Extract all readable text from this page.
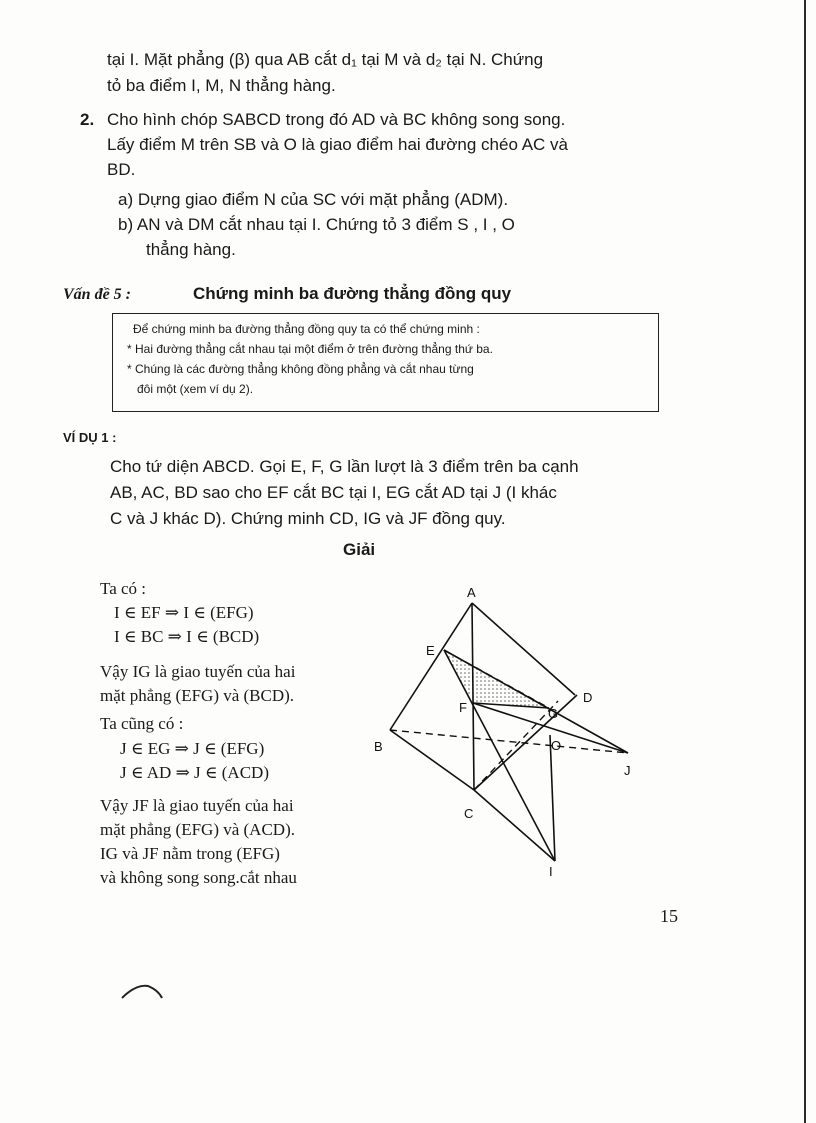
tại I. Mặt phẳng (β) qua AB cắt d₁ tại M và d₂ tại N. Chứng
tỏ ba điểm I, M, N thẳng hàng.
2. Cho hình chóp SABCD trong đó AD và BC không song song.
Lấy điểm M trên SB và O là giao điểm hai đường chéo AC và
BD.
a) Dựng giao điểm N của SC với mặt phẳng (ADM).
b) AN và DM cắt nhau tại I. Chứng tỏ 3 điểm S , I , O
thẳng hàng.
Vấn đề 5 :	Chứng minh ba đường thẳng đồng quy
Để chứng minh ba đường thẳng đồng quy ta có thể chứng minh :
* Hai đường thẳng cắt nhau tại một điểm ở trên đường thẳng thứ ba.
* Chúng là các đường thẳng không đồng phẳng và cắt nhau từng
đôi một (xem ví dụ 2).
VÍ DỤ 1 :
Cho tứ diện ABCD. Gọi E, F, G lần lượt là 3 điểm trên ba cạnh
AB, AC, BD sao cho EF cắt BC tại I, EG cắt AD tại J (I khác
C và J khác D). Chứng minh CD, IG và JF đồng quy.
Giải
Ta có :
I ∈ EF ⇒ I ∈ (EFG)
I ∈ BC ⇒ I ∈ (BCD)
Vậy IG là giao tuyến của hai
mặt phẳng (EFG) và (BCD).
Ta cũng có :
J ∈ EG ⇒ J ∈ (EFG)
J ∈ AD ⇒ J ∈ (ACD)
Vậy JF là giao tuyến của hai
mặt phẳng (EFG) và (ACD).
IG và JF nằm trong (EFG)
và không song song.cắt nhau
A
B
C
D
E
F	G
I
J
O
15
